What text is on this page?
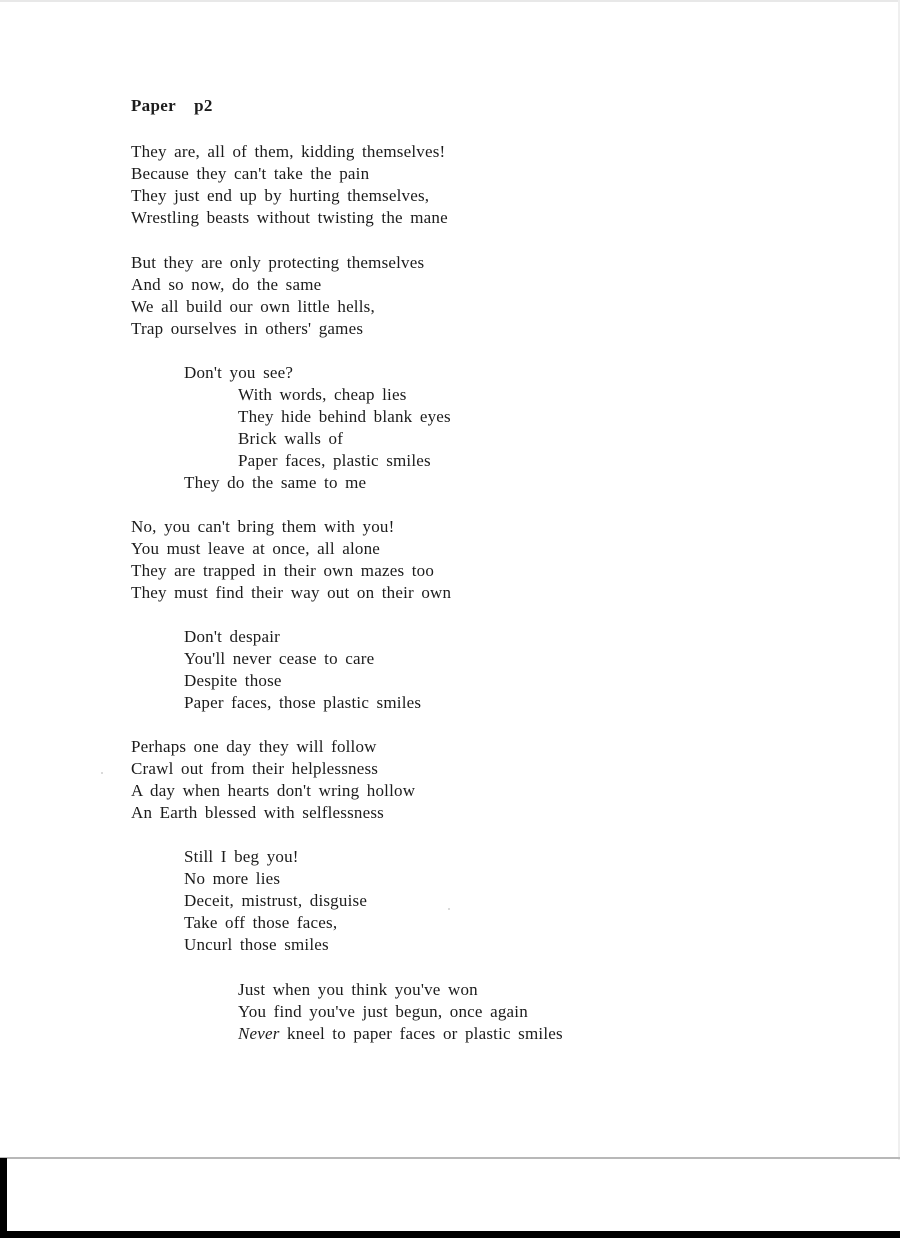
Paper p2
They are, all of them, kidding themselves!
Because they can't take the pain
They just end up by hurting themselves,
Wrestling beasts without twisting the mane
But they are only protecting themselves
And so now, do the same
We all build our own little hells,
Trap ourselves in others' games
Don't you see?
With words, cheap lies
They hide behind blank eyes
Brick walls of
Paper faces, plastic smiles
They do the same to me
No, you can't bring them with you!
You must leave at once, all alone
They are trapped in their own mazes too
They must find their way out on their own
Don't despair
You'll never cease to care
Despite those
Paper faces, those plastic smiles
Perhaps one day they will follow
Crawl out from their helplessness
A day when hearts don't wring hollow
An Earth blessed with selflessness
Still I beg you!
No more lies
Deceit, mistrust, disguise
Take off those faces,
Uncurl those smiles
Just when you think you've won
You find you've just begun, once again
Never kneel to paper faces or plastic smiles
